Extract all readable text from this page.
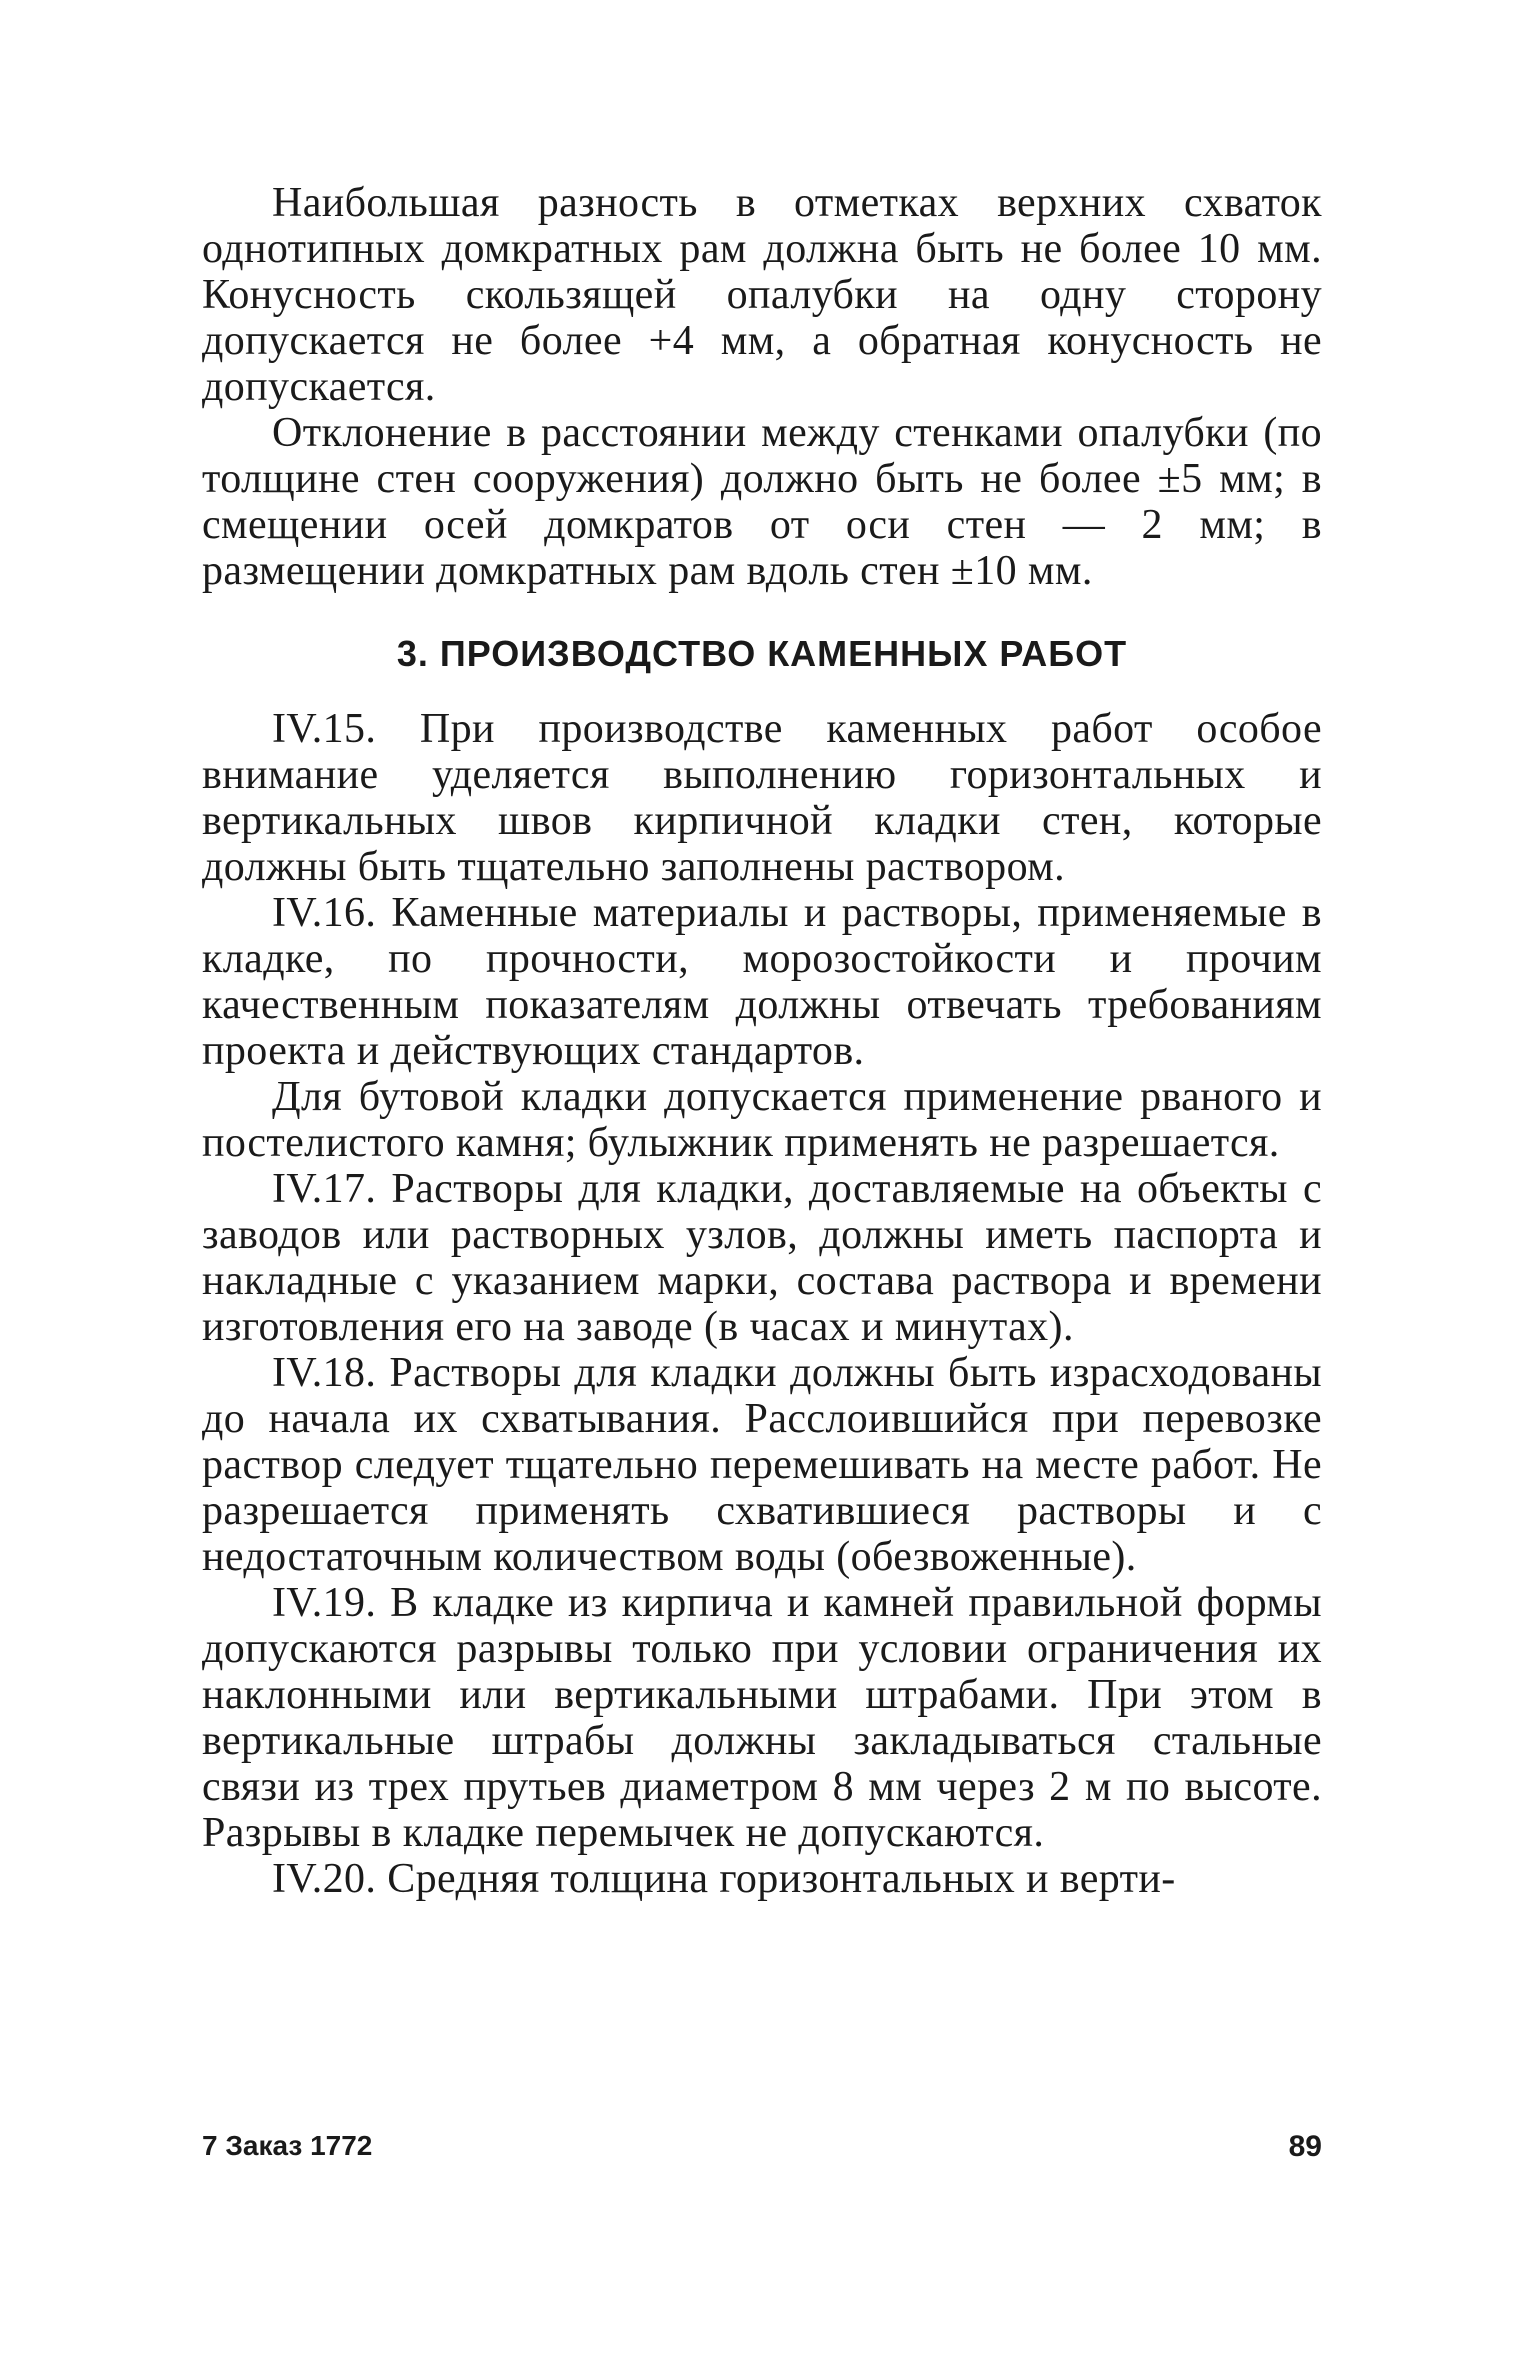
Наибольшая разность в отметках верхних схваток однотипных домкратных рам должна быть не более 10 мм. Конусность скользящей опалубки на одну сторону допускается не более +4 мм, а обратная конусность не допускается.

Отклонение в расстоянии между стенками опалубки (по толщине стен сооружения) должно быть не более ±5 мм; в смещении осей домкратов от оси стен — 2 мм; в размещении домкратных рам вдоль стен ±10 мм.

3. ПРОИЗВОДСТВО КАМЕННЫХ РАБОТ

IV.15. При производстве каменных работ особое внимание уделяется выполнению горизонтальных и вертикальных швов кирпичной кладки стен, которые должны быть тщательно заполнены раствором.

IV.16. Каменные материалы и растворы, применяемые в кладке, по прочности, морозостойкости и прочим качественным показателям должны отвечать требованиям проекта и действующих стандартов.

Для бутовой кладки допускается применение рваного и постелистого камня; булыжник применять не разрешается.

IV.17. Растворы для кладки, доставляемые на объекты с заводов или растворных узлов, должны иметь паспорта и накладные с указанием марки, состава раствора и времени изготовления его на заводе (в часах и минутах).

IV.18. Растворы для кладки должны быть израсходованы до начала их схватывания. Расслоившийся при перевозке раствор следует тщательно перемешивать на месте работ. Не разрешается применять схватившиеся растворы и с недостаточным количеством воды (обезвоженные).

IV.19. В кладке из кирпича и камней правильной формы допускаются разрывы только при условии ограничения их наклонными или вертикальными штрабами. При этом в вертикальные штрабы должны закладываться стальные связи из трех прутьев диаметром 8 мм через 2 м по высоте. Разрывы в кладке перемычек не допускаются.

IV.20. Средняя толщина горизонтальных и верти-

7 Заказ 1772	89
